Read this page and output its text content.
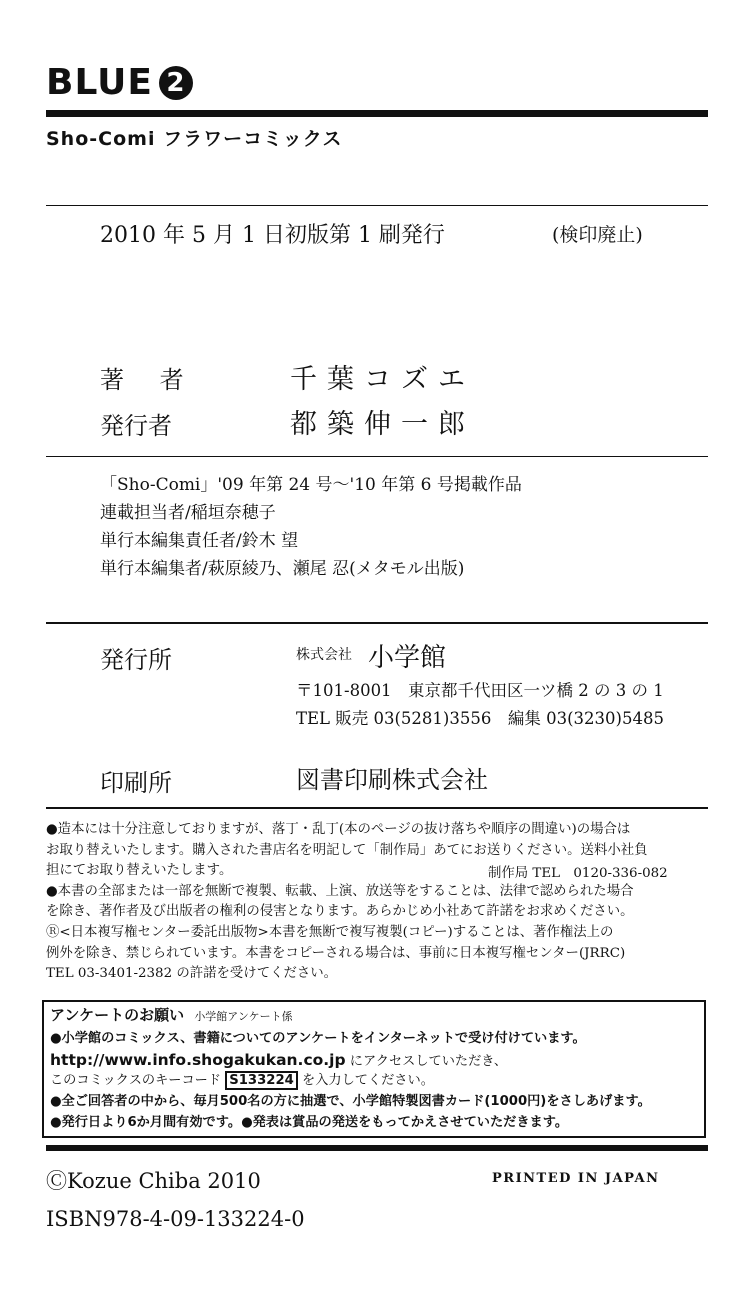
BLUE 2
Sho-Comi フラワーコミックス
2010 年 5 月 1 日初版第 1 刷発行	(検印廃止)
著 者	千葉コズエ
発行者	都築伸一郎
「Sho-Comi」'09 年第 24 号〜'10 年第 6 号掲載作品
連載担当者/稲垣奈穂子
単行本編集責任者/鈴木 望
単行本編集者/萩原綾乃、瀬尾 忍(メタモル出版)
発行所	株式会社 小学館
〒101-8001　東京都千代田区一ツ橋 2 の 3 の 1
TEL 販売 03(5281)3556　編集 03(3230)5485
印刷所	図書印刷株式会社
●造本には十分注意しておりますが、落丁・乱丁(本のページの抜け落ちや順序の間違い)の場合は
お取り替えいたします。購入された書店名を明記して「制作局」あてにお送りください。送料小社負
担にてお取り替えいたします。
●本書の全部または一部を無断で複製、転載、上演、放送等をすることは、法律で認められた場合
を除き、著作者及び出版者の権利の侵害となります。あらかじめ小社あて許諾をお求めください。
Ⓡ<日本複写権センター委託出版物>本書を無断で複写複製(コピー)することは、著作権法上の
例外を除き、禁じられています。本書をコピーされる場合は、事前に日本複写権センター(JRRC)
TEL 03-3401-2382 の許諾を受けてください。
制作局 TEL　0120-336-082
アンケートのお願い 小学館アンケート係
●小学館のコミックス、書籍についてのアンケートをインターネットで受け付けています。
http://www.info.shogakukan.co.jp にアクセスしていただき、
このコミックスのキーコード S133224 を入力してください。
●全ご回答者の中から、毎月500名の方に抽選で、小学館特製図書カード(1000円)をさしあげます。
●発行日より6か月間有効です。●発表は賞品の発送をもってかえさせていただきます。
ⒸKozue Chiba 2010	PRINTED IN JAPAN
ISBN978-4-09-133224-0
